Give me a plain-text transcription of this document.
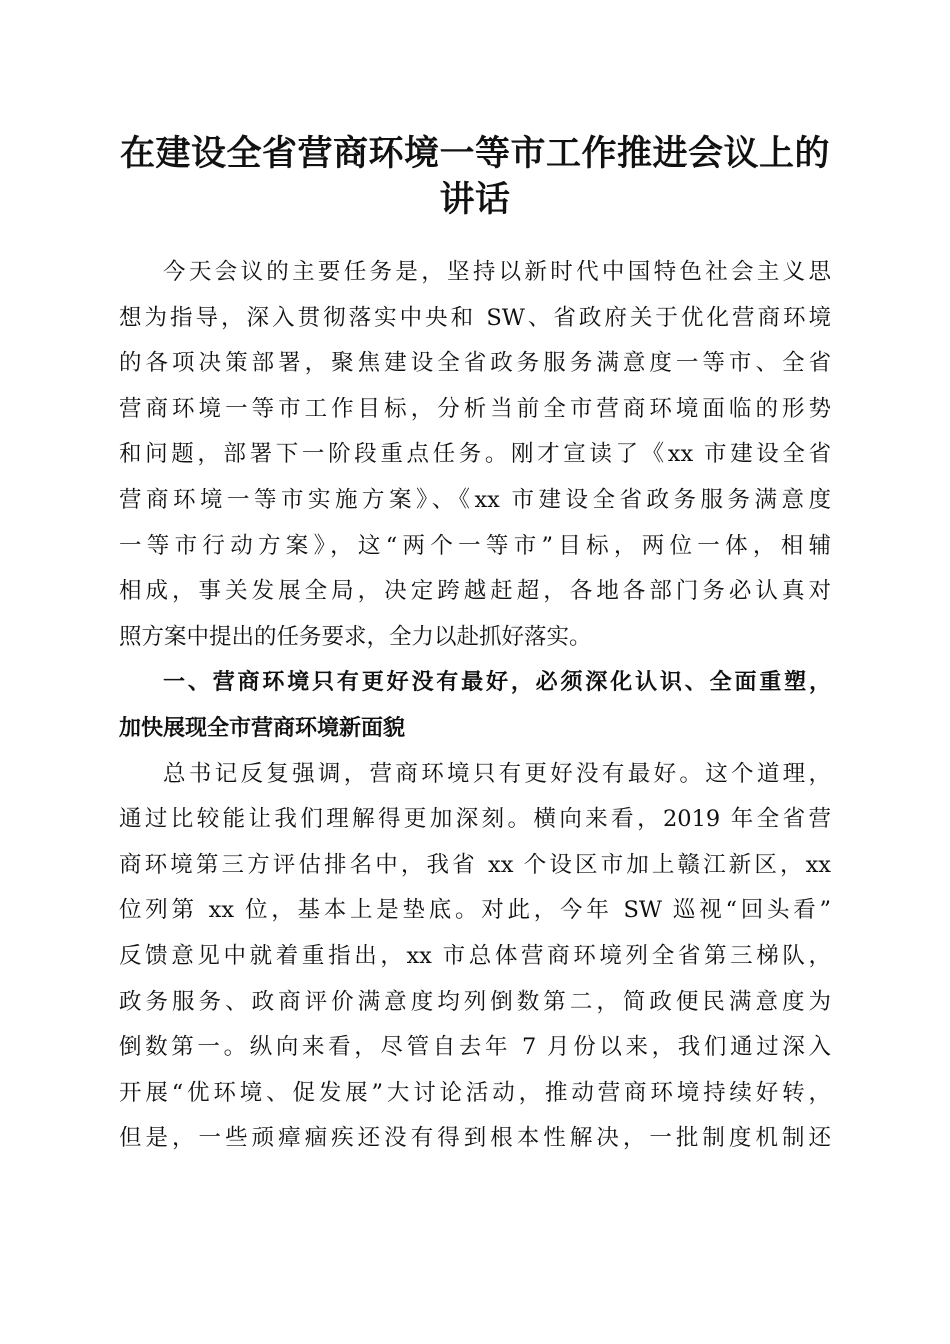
在建设全省营商环境一等市工作推进会议上的
讲话
今天会议的主要任务是，坚持以新时代中国特色社会主义思
想为指导，深入贯彻落实中央和 SW、省政府关于优化营商环境
的各项决策部署，聚焦建设全省政务服务满意度一等市、全省
营商环境一等市工作目标，分析当前全市营商环境面临的形势
和问题，部署下一阶段重点任务。刚才宣读了《xx 市建设全省
营商环境一等市实施方案》、《xx 市建设全省政务服务满意度
一等市行动方案》，这“两个一等市”目标，两位一体，相辅
相成，事关发展全局，决定跨越赶超，各地各部门务必认真对
照方案中提出的任务要求，全力以赴抓好落实。
一、营商环境只有更好没有最好，必须深化认识、全面重塑，
加快展现全市营商环境新面貌
总书记反复强调，营商环境只有更好没有最好。这个道理，
通过比较能让我们理解得更加深刻。横向来看，2019 年全省营
商环境第三方评估排名中，我省 xx 个设区市加上赣江新区，xx
位列第 xx 位，基本上是垫底。对此，今年 SW 巡视“回头看”
反馈意见中就着重指出，xx 市总体营商环境列全省第三梯队，
政务服务、政商评价满意度均列倒数第二，简政便民满意度为
倒数第一。纵向来看，尽管自去年 7 月份以来，我们通过深入
开展“优环境、促发展”大讨论活动，推动营商环境持续好转，
但是，一些顽瘴痼疾还没有得到根本性解决，一批制度机制还
